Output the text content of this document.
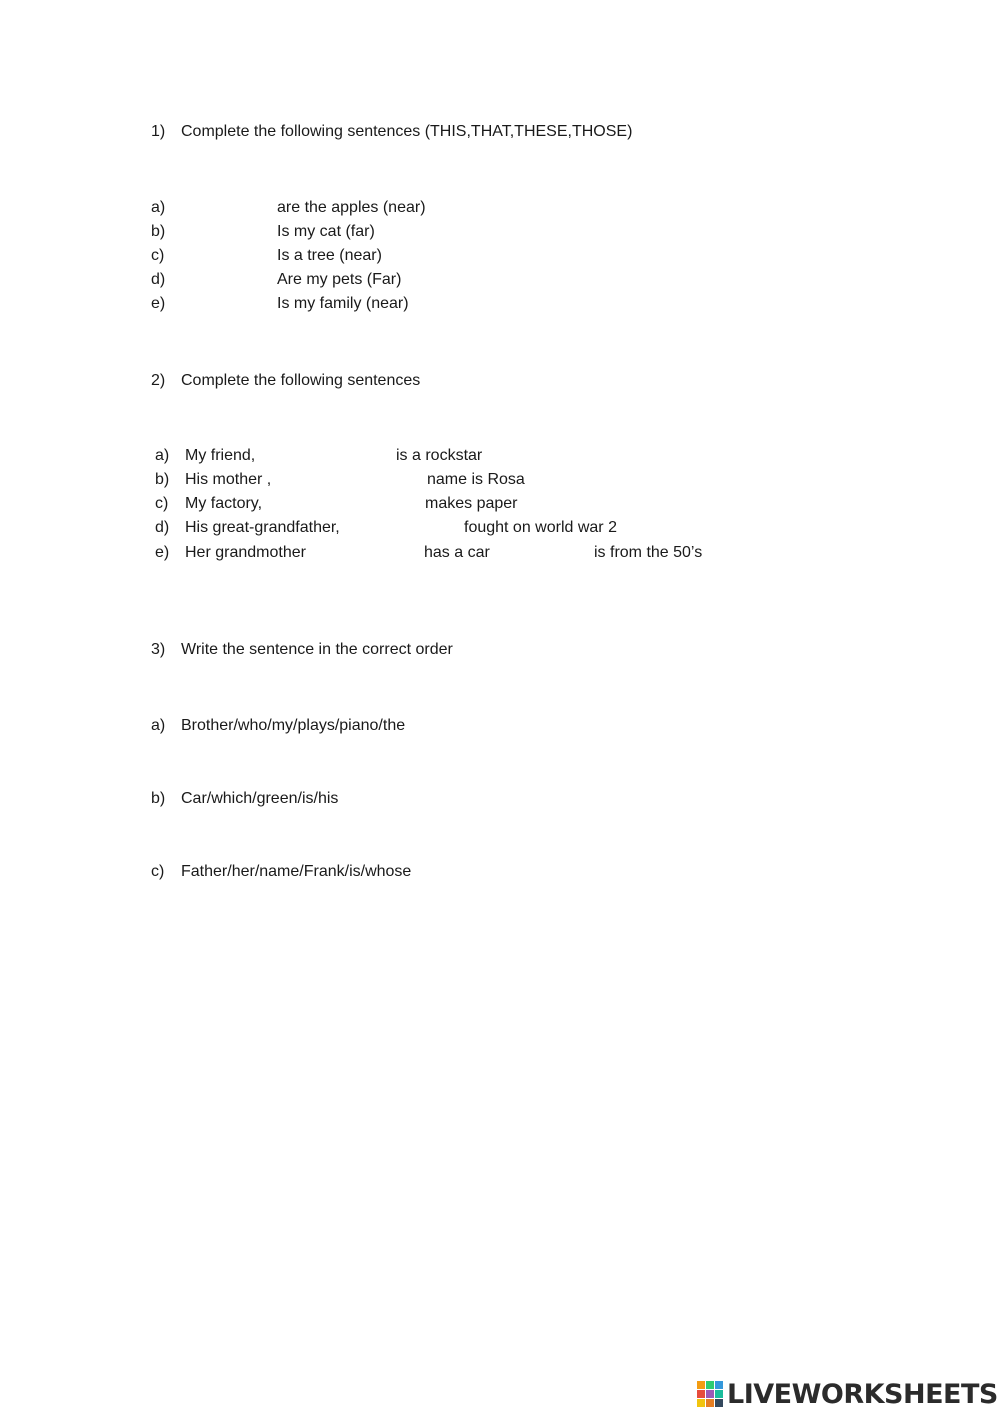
1) Complete the following sentences (THIS,THAT,THESE,THOSE)
a)	are the apples (near)
b)	Is my cat (far)
c)	Is a tree (near)
d)	Are my pets (Far)
e)	Is my family (near)
2) Complete the following sentences
a) My friend,	is a rockstar
b) His mother ,	name is Rosa
c) My factory,	makes paper
d) His great-grandfather,	fought on world war 2
e) Her grandmother	has a car	is from the 50’s
3) Write the sentence in the correct order
a) Brother/who/my/plays/piano/the
b) Car/which/green/is/his
c) Father/her/name/Frank/is/whose
LIVEWORKSHEETS
